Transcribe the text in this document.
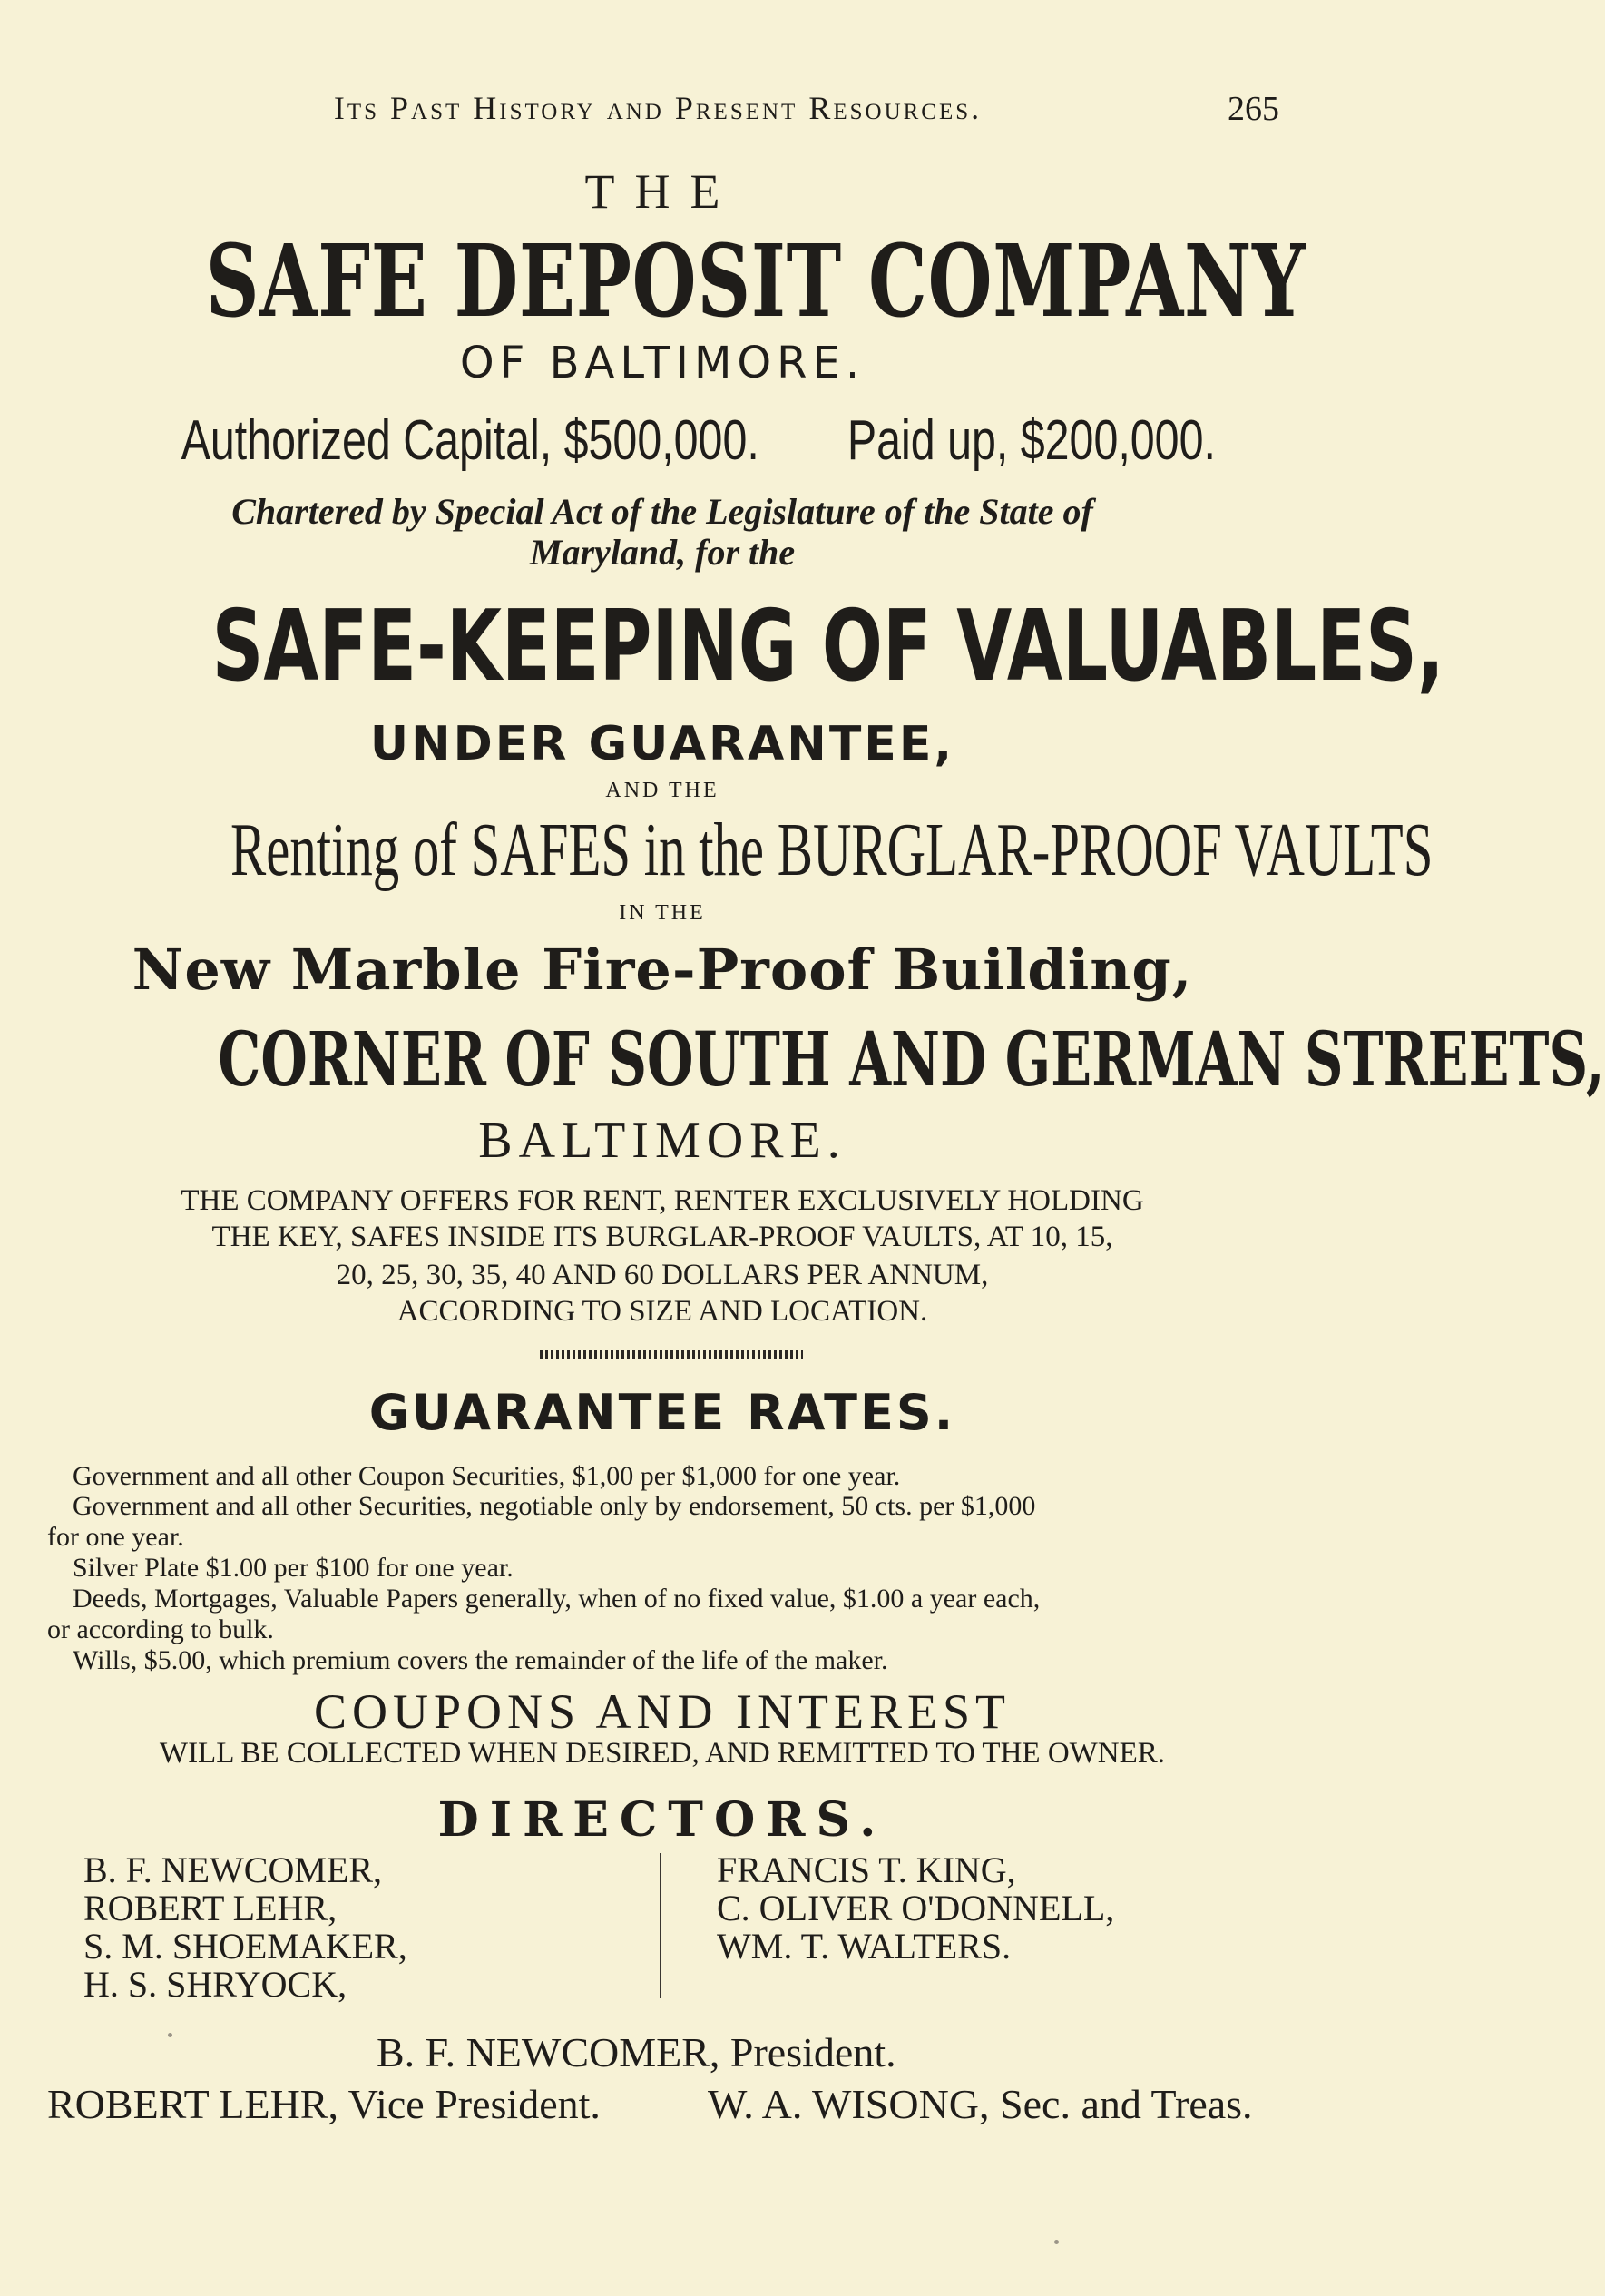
Its Past History and Present Resources.	265
THE
SAFE DEPOSIT COMPANY
OF BALTIMORE.
Authorized Capital, $500,000. Paid up, $200,000.
Chartered by Special Act of the Legislature of the State of
Maryland, for the
SAFE-KEEPING OF VALUABLES,
UNDER GUARANTEE,
AND THE
Renting of SAFES in the BURGLAR-PROOF VAULTS
IN THE
New Marble Fire-Proof Building,
CORNER OF SOUTH AND GERMAN STREETS,
BALTIMORE.
THE COMPANY OFFERS FOR RENT, RENTER EXCLUSIVELY HOLDING
THE KEY, SAFES INSIDE ITS BURGLAR-PROOF VAULTS, AT 10, 15,
20, 25, 30, 35, 40 AND 60 DOLLARS PER ANNUM,
ACCORDING TO SIZE AND LOCATION.
GUARANTEE RATES.
Government and all other Coupon Securities, $1,00 per $1,000 for one year.
Government and all other Securities, negotiable only by endorsement, 50 cts. per $1,000
for one year.
Silver Plate $1.00 per $100 for one year.
Deeds, Mortgages, Valuable Papers generally, when of no fixed value, $1.00 a year each,
or according to bulk.
Wills, $5.00, which premium covers the remainder of the life of the maker.
COUPONS AND INTEREST
WILL BE COLLECTED WHEN DESIRED, AND REMITTED TO THE OWNER.
DIRECTORS.
B. F. NEWCOMER,
ROBERT LEHR,
S. M. SHOEMAKER,
H. S. SHRYOCK,
FRANCIS T. KING,
C. OLIVER O'DONNELL,
WM. T. WALTERS.
B. F. NEWCOMER, President.
ROBERT LEHR, Vice President.	W. A. WISONG, Sec. and Treas.
